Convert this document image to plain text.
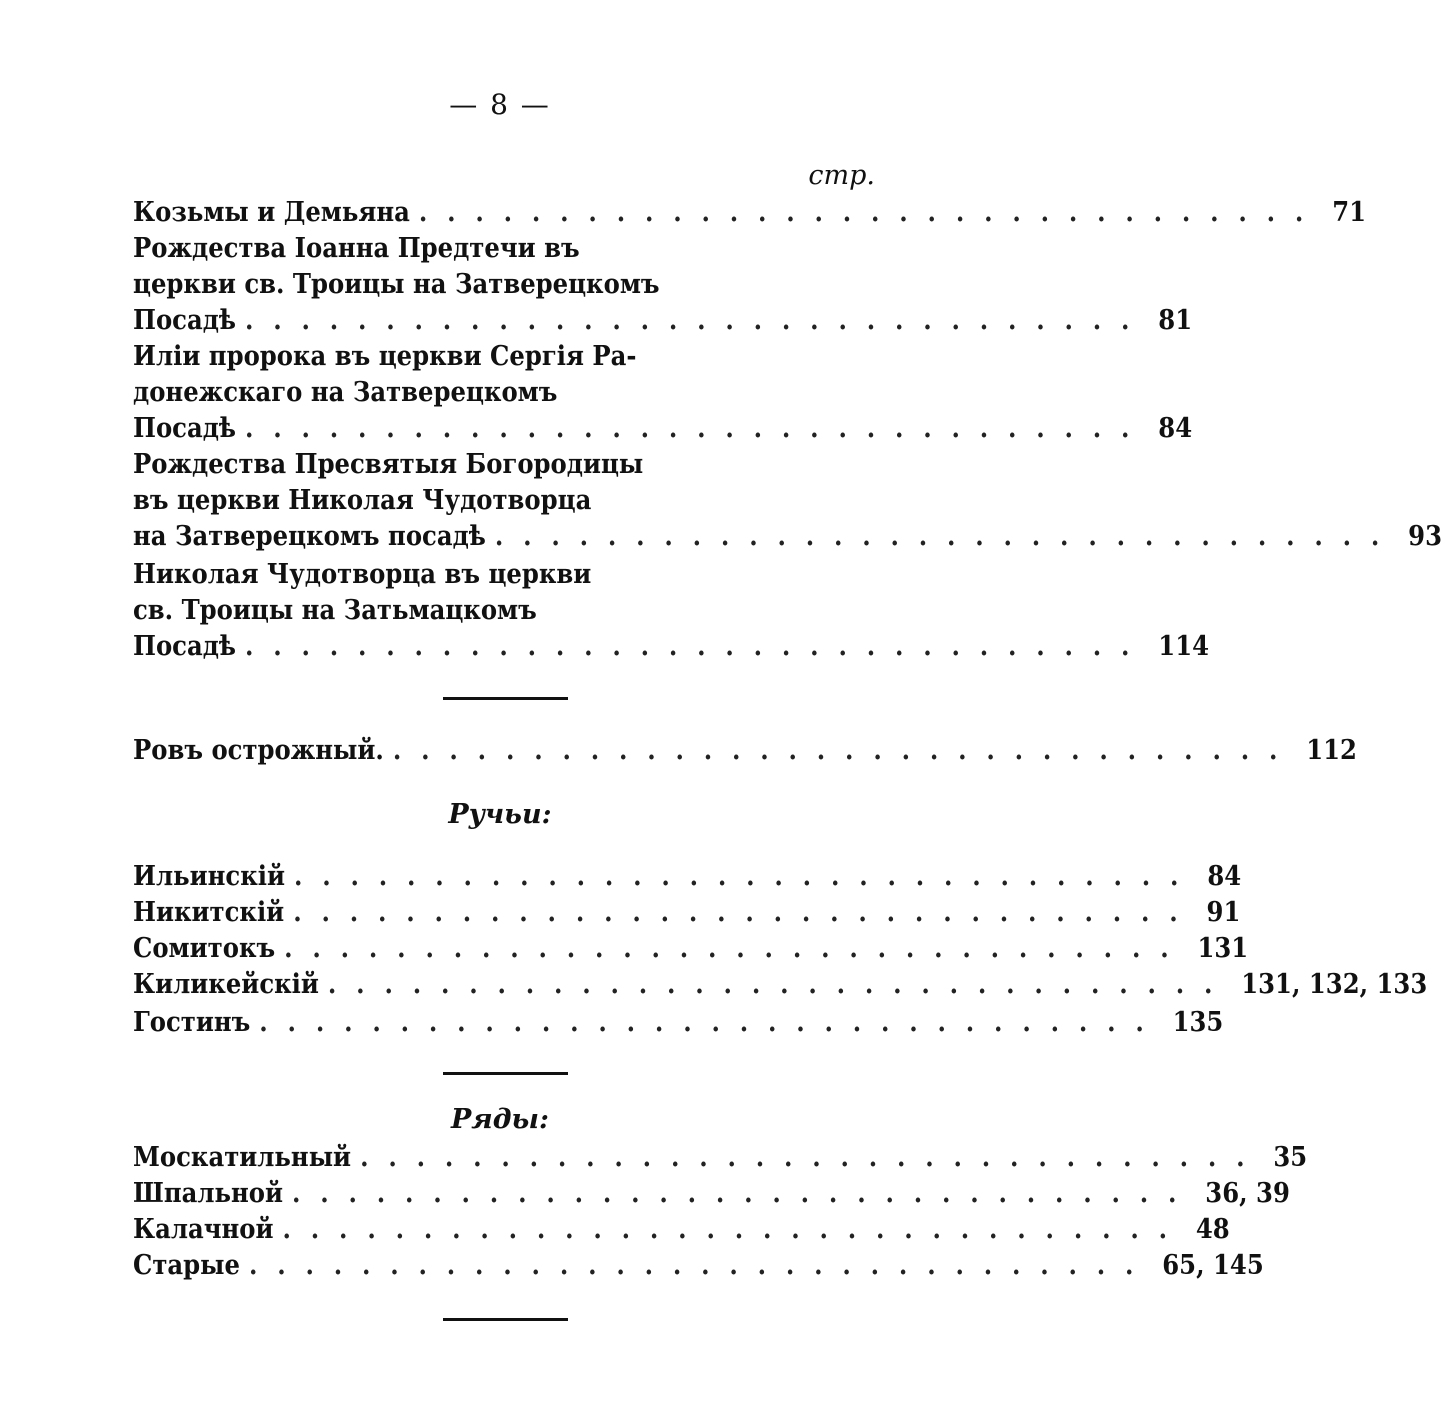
— 8 —
стр.
Козьмы и Демьяна ................................ 71
Рождества Іоанна Предтечи въ
церкви св. Троицы на Затверецкомъ
Посадѣ ................................ 81
Иліи пророка въ церкви Сергія Ра-
донежскаго на Затверецкомъ
Посадѣ ................................ 84
Рождества Пресвятыя Богородицы
въ церкви Николая Чудотворца
на Затверецкомъ посадѣ ................................ 93
Николая Чудотворца въ церкви
св. Троицы на Затьмацкомъ
Посадѣ ................................ 114
Ровъ острожный. ................................ 112
Ручьи:
Ильинскій ................................ 84
Никитскій ................................ 91
Сомитокъ ................................ 131
Киликейскій ................................ 131, 132, 133
Гостинъ ................................ 135
Ряды:
Москатильный ................................ 35
Шпальной ................................ 36, 39
Калачной ................................ 48
Старые ................................ 65, 145
